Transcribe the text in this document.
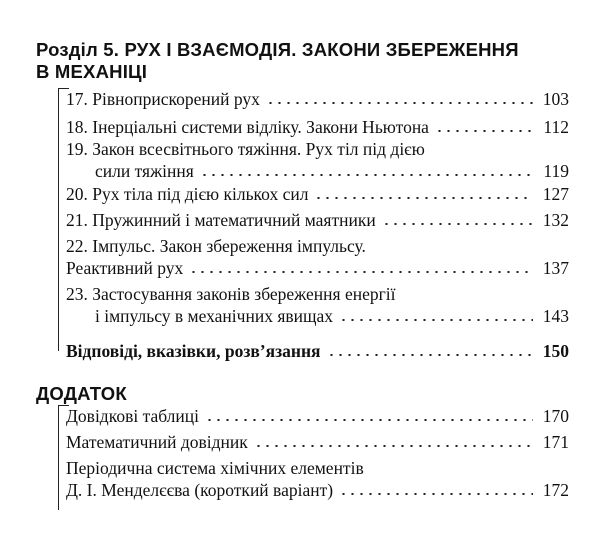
Розділ 5. РУХ І ВЗАЄМОДІЯ. ЗАКОНИ ЗБЕРЕЖЕННЯ
В МЕХАНІЦІ
17. Рівноприскорений рух	103
18. Інерціальні системи відліку. Закони Ньютона	112
19. Закон всесвітнього тяжіння. Рух тіл під дією
сили тяжіння	119
20. Рух тіла під дією кількох сил	127
21. Пружинний і математичний маятники	132
22. Імпульс. Закон збереження імпульсу.
Реактивний рух	137
23. Застосування законів збереження енергії
і імпульсу в механічних явищах	143
Відповіді, вказівки, розв’язання	150
ДОДАТОК
Довідкові таблиці	170
Математичний довідник	171
Періодична система хімічних елементів
Д. І. Менделєєва (короткий варіант)	172
